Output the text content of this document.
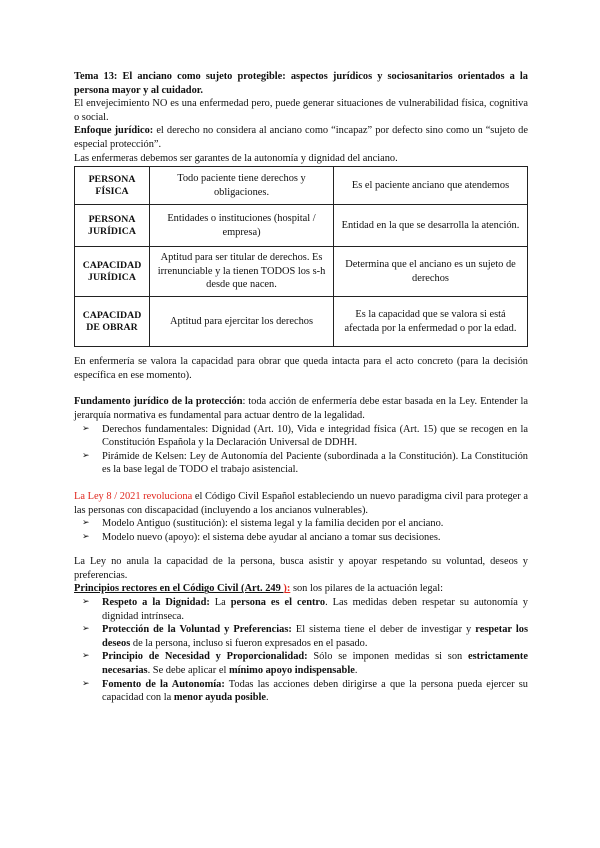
Tema 13: El anciano como sujeto protegible: aspectos jurídicos y sociosanitarios orientados a la persona mayor y al cuidador.

El envejecimiento NO es una enfermedad pero, puede generar situaciones de vulnerabilidad física, cognitiva o social.

Enfoque jurídico: el derecho no considera al anciano como “incapaz” por defecto sino como un “sujeto de especial protección”.

Las enfermeras debemos ser garantes de la autonomía y dignidad del anciano.

PERSONA FÍSICA	Todo paciente tiene derechos y obligaciones.	Es el paciente anciano que atendemos
PERSONA JURÍDICA	Entidades o instituciones (hospital / empresa)	Entidad en la que se desarrolla la atención.
CAPACIDAD JURÍDICA	Aptitud para ser titular de derechos. Es irrenunciable y la tienen TODOS los s-h desde que nacen.	Determina que el anciano es un sujeto de derechos
CAPACIDAD DE OBRAR	Aptitud para ejercitar los derechos	Es la capacidad que se valora si está afectada por la enfermedad o por la edad.

En enfermería se valora la capacidad para obrar que queda intacta para el acto concreto (para la decisión específica en ese momento).

Fundamento jurídico de la protección: toda acción de enfermería debe estar basada en la Ley. Entender la jerarquía normativa es fundamental para actuar dentro de la legalidad.

➢ Derechos fundamentales: Dignidad (Art. 10), Vida e integridad física (Art. 15) que se recogen en la Constitución Española y la Declaración Universal de DDHH.
➢ Pirámide de Kelsen: Ley de Autonomía del Paciente (subordinada a la Constitución). La Constitución es la base legal de TODO el trabajo asistencial.

La Ley 8 / 2021 revoluciona el Código Civil Español estableciendo un nuevo paradigma civil para proteger a las personas con discapacidad (incluyendo a los ancianos vulnerables).

➢ Modelo Antiguo (sustitución): el sistema legal y la familia deciden por el anciano.
➢ Modelo nuevo (apoyo): el sistema debe ayudar al anciano a tomar sus decisiones.

La Ley no anula la capacidad de la persona, busca asistir y apoyar respetando su voluntad, deseos y preferencias.

Principios rectores en el Código Civil (Art. 249 ): son los pilares de la actuación legal:

➢ Respeto a la Dignidad: La persona es el centro. Las medidas deben respetar su autonomía y dignidad intrínseca.
➢ Protección de la Voluntad y Preferencias: El sistema tiene el deber de investigar y respetar los deseos de la persona, incluso si fueron expresados en el pasado.
➢ Principio de Necesidad y Proporcionalidad: Sólo se imponen medidas si son estrictamente necesarias. Se debe aplicar el mínimo apoyo indispensable.
➢ Fomento de la Autonomía: Todas las acciones deben dirigirse a que la persona pueda ejercer su capacidad con la menor ayuda posible.
